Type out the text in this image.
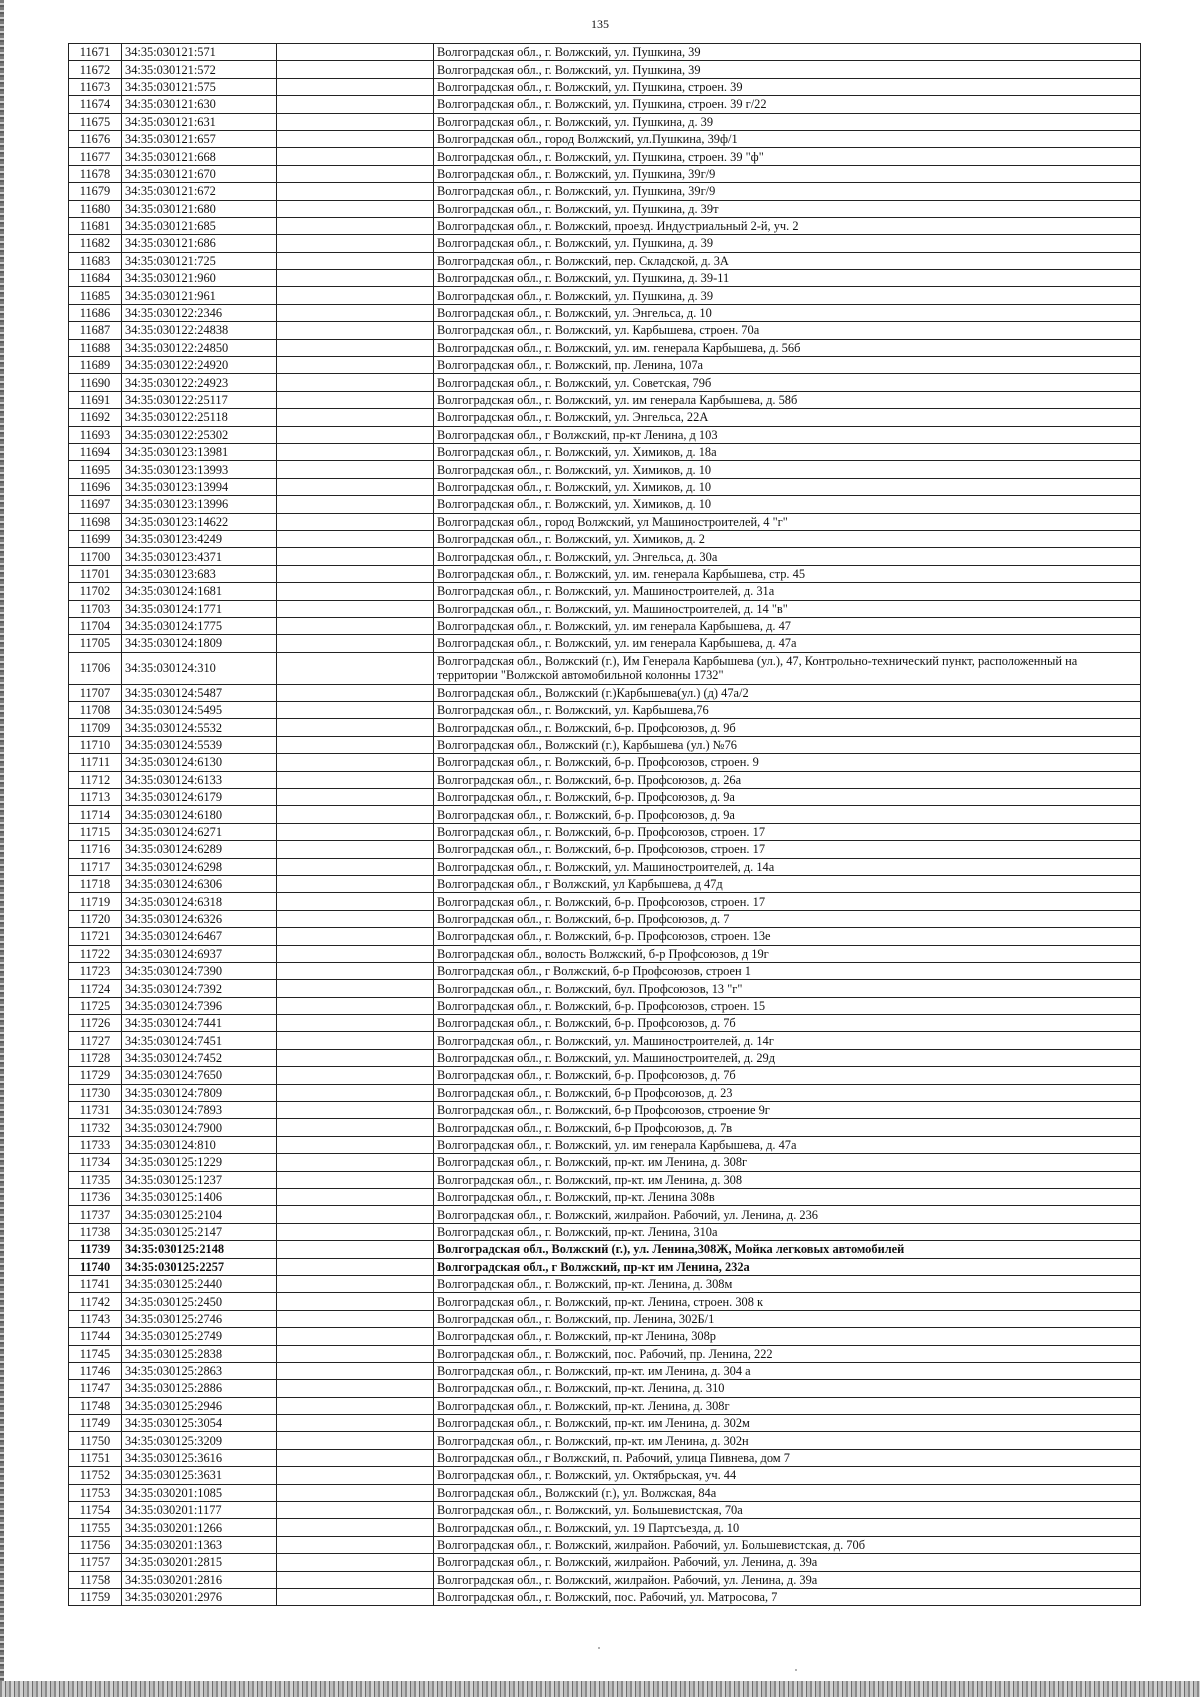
135
11671	34:35:030121:571		Волгоградская обл., г. Волжский, ул. Пушкина, 39
11672	34:35:030121:572		Волгоградская обл., г. Волжский, ул. Пушкина, 39
11673	34:35:030121:575		Волгоградская обл., г. Волжский, ул. Пушкина, строен. 39
11674	34:35:030121:630		Волгоградская обл., г. Волжский, ул. Пушкина, строен. 39 г/22
11675	34:35:030121:631		Волгоградская обл., г. Волжский, ул. Пушкина, д. 39
11676	34:35:030121:657		Волгоградская обл., город Волжский, ул.Пушкина, 39ф/1
11677	34:35:030121:668		Волгоградская обл., г. Волжский, ул. Пушкина, строен. 39 "ф"
11678	34:35:030121:670		Волгоградская обл., г. Волжский, ул. Пушкина, 39г/9
11679	34:35:030121:672		Волгоградская обл., г. Волжский, ул. Пушкина, 39г/9
11680	34:35:030121:680		Волгоградская обл., г. Волжский, ул. Пушкина, д. 39т
11681	34:35:030121:685		Волгоградская обл., г. Волжский, проезд. Индустриальный 2-й, уч. 2
11682	34:35:030121:686		Волгоградская обл., г. Волжский, ул. Пушкина, д. 39
11683	34:35:030121:725		Волгоградская обл., г. Волжский, пер. Складской, д. 3А
11684	34:35:030121:960		Волгоградская обл., г. Волжский, ул. Пушкина, д. 39-11
11685	34:35:030121:961		Волгоградская обл., г. Волжский, ул. Пушкина, д. 39
11686	34:35:030122:2346		Волгоградская обл., г. Волжский, ул. Энгельса, д. 10
11687	34:35:030122:24838		Волгоградская обл., г. Волжский, ул. Карбышева, строен. 70а
11688	34:35:030122:24850		Волгоградская обл., г. Волжский, ул. им. генерала Карбышева, д. 56б
11689	34:35:030122:24920		Волгоградская обл., г. Волжский, пр. Ленина, 107а
11690	34:35:030122:24923		Волгоградская обл., г. Волжский, ул. Советская, 79б
11691	34:35:030122:25117		Волгоградская обл., г. Волжский, ул. им генерала Карбышева, д. 58б
11692	34:35:030122:25118		Волгоградская обл., г. Волжский, ул. Энгельса, 22А
11693	34:35:030122:25302		Волгоградская обл., г Волжский, пр-кт Ленина, д 103
11694	34:35:030123:13981		Волгоградская обл., г. Волжский, ул. Химиков, д. 18а
11695	34:35:030123:13993		Волгоградская обл., г. Волжский, ул. Химиков, д. 10
11696	34:35:030123:13994		Волгоградская обл., г. Волжский, ул. Химиков, д. 10
11697	34:35:030123:13996		Волгоградская обл., г. Волжский, ул. Химиков, д. 10
11698	34:35:030123:14622		Волгоградская обл., город Волжский, ул Машиностроителей, 4 "г"
11699	34:35:030123:4249		Волгоградская обл., г. Волжский, ул. Химиков, д. 2
11700	34:35:030123:4371		Волгоградская обл., г. Волжский, ул. Энгельса, д. 30а
11701	34:35:030123:683		Волгоградская обл., г. Волжский, ул. им. генерала Карбышева, стр. 45
11702	34:35:030124:1681		Волгоградская обл., г. Волжский, ул. Машиностроителей, д. 31а
11703	34:35:030124:1771		Волгоградская обл., г. Волжский, ул. Машиностроителей, д. 14 "в"
11704	34:35:030124:1775		Волгоградская обл., г. Волжский, ул. им генерала Карбышева, д. 47
11705	34:35:030124:1809		Волгоградская обл., г. Волжский, ул. им генерала Карбышева, д. 47а
11706	34:35:030124:310		Волгоградская обл., Волжский (г.), Им Генерала Карбышева (ул.), 47, Контрольно-технический пункт, расположенный на территории "Волжской автомобильной колонны 1732"
11707	34:35:030124:5487		Волгоградская обл., Волжский (г.)Карбышева(ул.) (д) 47а/2
11708	34:35:030124:5495		Волгоградская обл., г. Волжский, ул. Карбышева,76
11709	34:35:030124:5532		Волгоградская обл., г. Волжский, б-р. Профсоюзов, д. 9б
11710	34:35:030124:5539		Волгоградская обл., Волжский (г.), Карбышева (ул.) №76
11711	34:35:030124:6130		Волгоградская обл., г. Волжский, б-р. Профсоюзов, строен. 9
11712	34:35:030124:6133		Волгоградская обл., г. Волжский, б-р. Профсоюзов, д. 26а
11713	34:35:030124:6179		Волгоградская обл., г. Волжский, б-р. Профсоюзов, д. 9а
11714	34:35:030124:6180		Волгоградская обл., г. Волжский, б-р. Профсоюзов, д. 9а
11715	34:35:030124:6271		Волгоградская обл., г. Волжский, б-р. Профсоюзов, строен. 17
11716	34:35:030124:6289		Волгоградская обл., г. Волжский, б-р. Профсоюзов, строен. 17
11717	34:35:030124:6298		Волгоградская обл., г. Волжский, ул. Машиностроителей, д. 14а
11718	34:35:030124:6306		Волгоградская обл., г Волжский, ул Карбышева, д 47д
11719	34:35:030124:6318		Волгоградская обл., г. Волжский, б-р. Профсоюзов, строен. 17
11720	34:35:030124:6326		Волгоградская обл., г. Волжский, б-р. Профсоюзов, д. 7
11721	34:35:030124:6467		Волгоградская обл., г. Волжский, б-р. Профсоюзов, строен. 13е
11722	34:35:030124:6937		Волгоградская обл., волость Волжский, б-р Профсоюзов, д 19г
11723	34:35:030124:7390		Волгоградская обл., г Волжский, б-р Профсоюзов, строен 1
11724	34:35:030124:7392		Волгоградская обл., г. Волжский, бул. Профсоюзов, 13 "г"
11725	34:35:030124:7396		Волгоградская обл., г. Волжский, б-р. Профсоюзов, строен. 15
11726	34:35:030124:7441		Волгоградская обл., г. Волжский, б-р. Профсоюзов, д. 7б
11727	34:35:030124:7451		Волгоградская обл., г. Волжский, ул. Машиностроителей, д. 14г
11728	34:35:030124:7452		Волгоградская обл., г. Волжский, ул. Машиностроителей, д. 29д
11729	34:35:030124:7650		Волгоградская обл., г. Волжский, б-р. Профсоюзов, д. 7б
11730	34:35:030124:7809		Волгоградская обл., г. Волжский, б-р Профсоюзов, д. 23
11731	34:35:030124:7893		Волгоградская обл., г. Волжский, б-р Профсоюзов, строение 9г
11732	34:35:030124:7900		Волгоградская обл., г. Волжский, б-р Профсоюзов, д. 7в
11733	34:35:030124:810		Волгоградская обл., г. Волжский, ул. им генерала Карбышева, д. 47а
11734	34:35:030125:1229		Волгоградская обл., г. Волжский, пр-кт. им Ленина, д. 308г
11735	34:35:030125:1237		Волгоградская обл., г. Волжский, пр-кт. им Ленина, д. 308
11736	34:35:030125:1406		Волгоградская обл., г. Волжский, пр-кт. Ленина 308в
11737	34:35:030125:2104		Волгоградская обл., г. Волжский, жилрайон. Рабочий, ул. Ленина, д. 236
11738	34:35:030125:2147		Волгоградская обл., г. Волжский, пр-кт. Ленина, 310а
11739	34:35:030125:2148		Волгоградская обл., Волжский (г.), ул. Ленина,308Ж, Мойка легковых автомобилей
11740	34:35:030125:2257		Волгоградская обл., г Волжский, пр-кт им Ленина, 232а
11741	34:35:030125:2440		Волгоградская обл., г. Волжский, пр-кт. Ленина, д. 308м
11742	34:35:030125:2450		Волгоградская обл., г. Волжский, пр-кт. Ленина, строен. 308 к
11743	34:35:030125:2746		Волгоградская обл., г. Волжский, пр. Ленина, 302Б/1
11744	34:35:030125:2749		Волгоградская обл., г. Волжский, пр-кт Ленина, 308р
11745	34:35:030125:2838		Волгоградская обл., г. Волжский, пос. Рабочий, пр. Ленина, 222
11746	34:35:030125:2863		Волгоградская обл., г. Волжский, пр-кт. им Ленина, д. 304 а
11747	34:35:030125:2886		Волгоградская обл., г. Волжский, пр-кт. Ленина, д. 310
11748	34:35:030125:2946		Волгоградская обл., г. Волжский, пр-кт. Ленина, д. 308г
11749	34:35:030125:3054		Волгоградская обл., г. Волжский, пр-кт. им Ленина, д. 302м
11750	34:35:030125:3209		Волгоградская обл., г. Волжский, пр-кт. им Ленина, д. 302н
11751	34:35:030125:3616		Волгоградская обл., г Волжский, п. Рабочий, улица Пивнева, дом 7
11752	34:35:030125:3631		Волгоградская обл., г. Волжский, ул. Октябрьская, уч. 44
11753	34:35:030201:1085		Волгоградская обл., Волжский (г.), ул. Волжская, 84а
11754	34:35:030201:1177		Волгоградская обл., г. Волжский, ул. Большевистская, 70а
11755	34:35:030201:1266		Волгоградская обл., г. Волжский, ул. 19 Партсъезда, д. 10
11756	34:35:030201:1363		Волгоградская обл., г. Волжский, жилрайон. Рабочий, ул. Большевистская, д. 70б
11757	34:35:030201:2815		Волгоградская обл., г. Волжский, жилрайон. Рабочий, ул. Ленина, д. 39а
11758	34:35:030201:2816		Волгоградская обл., г. Волжский, жилрайон. Рабочий, ул. Ленина, д. 39а
11759	34:35:030201:2976		Волгоградская обл., г. Волжский, пос. Рабочий, ул. Матросова, 7
